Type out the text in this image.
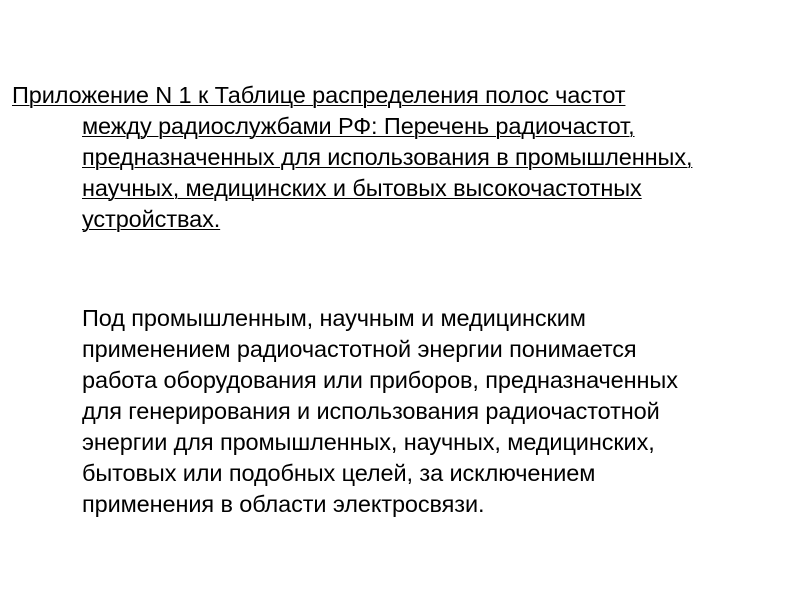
Приложение N 1 к Таблице распределения полос частот
между радиослужбами РФ: Перечень радиочастот,
предназначенных для использования в промышленных,
научных, медицинских и бытовых высокочастотных
устройствах.
Под промышленным, научным и медицинским
применением радиочастотной энергии понимается
работа оборудования или приборов, предназначенных
для генерирования и использования радиочастотной
энергии для промышленных, научных, медицинских,
бытовых или подобных целей, за исключением
применения в области электросвязи.
